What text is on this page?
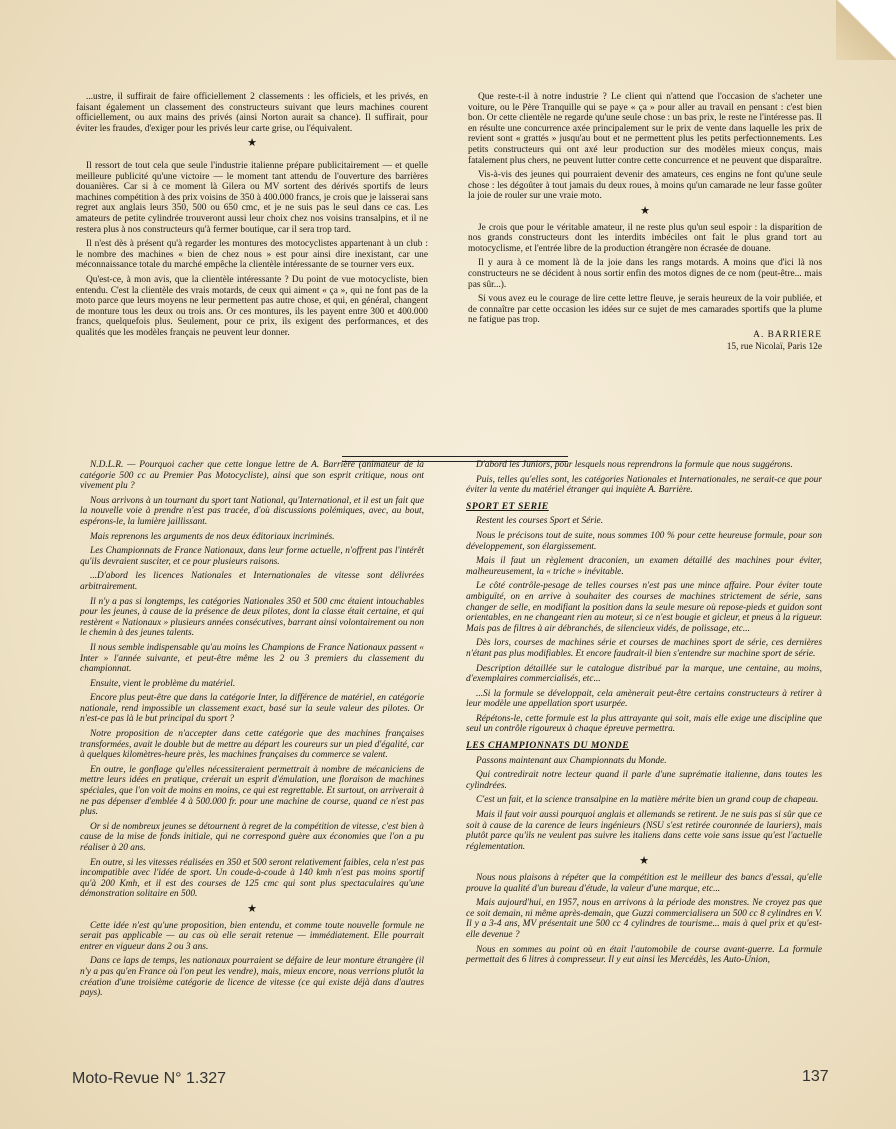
...ustre, il suffirait de faire officiellement 2 classements : les officiels, et les privés, en faisant également un classement des constructeurs suivant que leurs machines courent officiellement, ou aux mains des privés (ainsi Norton aurait sa chance). Il suffirait, pour éviter les fraudes, d'exiger pour les privés leur carte grise, ou l'équivalent.

★

Il ressort de tout cela que seule l'industrie italienne prépare publicitairement — et quelle meilleure publicité qu'une victoire — le moment tant attendu de l'ouverture des barrières douanières. Car si à ce moment là Gilera ou MV sortent des dérivés sportifs de leurs machines compétition à des prix voisins de 350 à 400.000 francs, je crois que je laisserai sans regret aux anglais leurs 350, 500 ou 650 cmc, et je ne suis pas le seul dans ce cas. Les amateurs de petite cylindrée trouveront aussi leur choix chez nos voisins transalpins, et il ne restera plus à nos constructeurs qu'à fermer boutique, car il sera trop tard.

Il n'est dès à présent qu'à regarder les montures des motocyclistes appartenant à un club : le nombre des machines « bien de chez nous » est pour ainsi dire inexistant, car une méconnaissance totale du marché empêche la clientèle intéressante de se tourner vers eux.

Qu'est-ce, à mon avis, que la clientèle intéressante ? Du point de vue motocycliste, bien entendu. C'est la clientèle des vrais motards, de ceux qui aiment « ça », qui ne font pas de la moto parce que leurs moyens ne leur permettent pas autre chose, et qui, en général, changent de monture tous les deux ou trois ans. Or ces montures, ils les payent entre 300 et 400.000 francs, quelquefois plus. Seulement, pour ce prix, ils exigent des performances, et des qualités que les modèles français ne peuvent leur donner.

Que reste-t-il à notre industrie ? Le client qui n'attend que l'occasion de s'acheter une voiture, ou le Père Tranquille qui se paye « ça » pour aller au travail en pensant : c'est bien bon. Or cette clientèle ne regarde qu'une seule chose : un bas prix, le reste ne l'intéresse pas. Il en résulte une concurrence axée principalement sur le prix de vente dans laquelle les prix de revient sont « grattés » jusqu'au bout et ne permettent plus les petits perfectionnements. Les petits constructeurs qui ont axé leur production sur des modèles mieux conçus, mais fatalement plus chers, ne peuvent lutter contre cette concurrence et ne peuvent que disparaître.

Vis-à-vis des jeunes qui pourraient devenir des amateurs, ces engins ne font qu'une seule chose : les dégoûter à tout jamais du deux roues, à moins qu'un camarade ne leur fasse goûter la joie de rouler sur une vraie moto.

★

Je crois que pour le véritable amateur, il ne reste plus qu'un seul espoir : la disparition de nos grands constructeurs dont les interdits imbéciles ont fait le plus grand tort au motocyclisme, et l'entrée libre de la production étrangère non écrasée de douane.

Il y aura à ce moment là de la joie dans les rangs motards. A moins que d'ici là nos constructeurs ne se décident à nous sortir enfin des motos dignes de ce nom (peut-être... mais pas sûr...).

Si vous avez eu le courage de lire cette lettre fleuve, je serais heureux de la voir publiée, et de connaître par cette occasion les idées sur ce sujet de mes camarades sportifs que la plume ne fatigue pas trop.

A. BARRIERE
15, rue Nicolaï, Paris 12e

N.D.L.R. — Pourquoi cacher que cette longue lettre de A. Barrière (animateur de la catégorie 500 cc au Premier Pas Motocycliste), ainsi que son esprit critique, nous ont vivement plu ?

Nous arrivons à un tournant du sport tant National, qu'International, et il est un fait que la nouvelle voie à prendre n'est pas tracée, d'où discussions polémiques, avec, au bout, espérons-le, la lumière jaillissant.

Mais reprenons les arguments de nos deux éditoriaux incriminés.

Les Championnats de France Nationaux, dans leur forme actuelle, n'offrent pas l'intérêt qu'ils devraient susciter, et ce pour plusieurs raisons.

...D'abord les licences Nationales et Internationales de vitesse sont délivrées arbitrairement.

Il n'y a pas si longtemps, les catégories Nationales 350 et 500 cmc étaient intouchables pour les jeunes, à cause de la présence de deux pilotes, dont la classe était certaine, et qui restèrent « Nationaux » plusieurs années consécutives, barrant ainsi volontairement ou non le chemin à des jeunes talents.

Il nous semble indispensable qu'au moins les Champions de France Nationaux passent « Inter » l'année suivante, et peut-être même les 2 ou 3 premiers du classement du championnat.

Ensuite, vient le problème du matériel.

Encore plus peut-être que dans la catégorie Inter, la différence de matériel, en catégorie nationale, rend impossible un classement exact, basé sur la seule valeur des pilotes. Or n'est-ce pas là le but principal du sport ?

Notre proposition de n'accepter dans cette catégorie que des machines françaises transformées, avait le double but de mettre au départ les coureurs sur un pied d'égalité, car à quelques kilomètres-heure près, les machines françaises du commerce se valent.

En outre, le gonflage qu'elles nécessiteraient permettrait à nombre de mécaniciens de mettre leurs idées en pratique, créerait un esprit d'émulation, une floraison de machines spéciales, que l'on voit de moins en moins, ce qui est regrettable. Et surtout, on arriverait à ne pas dépenser d'emblée 4 à 500.000 fr. pour une machine de course, quand ce n'est pas plus.

Or si de nombreux jeunes se détournent à regret de la compétition de vitesse, c'est bien à cause de la mise de fonds initiale, qui ne correspond guère aux économies que l'on a pu réaliser à 20 ans.

En outre, si les vitesses réalisées en 350 et 500 seront relativement faibles, cela n'est pas incompatible avec l'idée de sport. Un coude-à-coude à 140 kmh n'est pas moins sportif qu'à 200 Kmh, et il est des courses de 125 cmc qui sont plus spectaculaires qu'une démonstration solitaire en 500.

★

Cette idée n'est qu'une proposition, bien entendu, et comme toute nouvelle formule ne serait pas applicable — au cas où elle serait retenue — immédiatement. Elle pourrait entrer en vigueur dans 2 ou 3 ans.

Dans ce laps de temps, les nationaux pourraient se défaire de leur monture étrangère (il n'y a pas qu'en France où l'on peut les vendre), mais, mieux encore, nous verrions plutôt la création d'une troisième catégorie de licence de vitesse (ce qui existe déjà dans d'autres pays).

D'abord les Juniors, pour lesquels nous reprendrons la formule que nous suggérons.

Puis, telles qu'elles sont, les catégories Nationales et Internationales, ne serait-ce que pour éviter la vente du matériel étranger qui inquiète A. Barrière.

SPORT ET SERIE

Restent les courses Sport et Série.

Nous le précisons tout de suite, nous sommes 100 % pour cette heureuse formule, pour son développement, son élargissement.

Mais il faut un règlement draconien, un examen détaillé des machines pour éviter, malheureusement, la « triche » inévitable.

Le côté contrôle-pesage de telles courses n'est pas une mince affaire. Pour éviter toute ambiguïté, on en arrive à souhaiter des courses de machines strictement de série, sans changer de selle, en modifiant la position dans la seule mesure où repose-pieds et guidon sont orientables, en ne changeant rien au moteur, si ce n'est bougie et gicleur, et pneus à la rigueur. Mais pas de filtres à air débranchés, de silencieux vidés, de polissage, etc...

Dès lors, courses de machines série et courses de machines sport de série, ces dernières n'étant pas plus modifiables. Et encore faudrait-il bien s'entendre sur machine sport de série.

Description détaillée sur le catalogue distribué par la marque, une centaine, au moins, d'exemplaires commercialisés, etc...

...Si la formule se développait, cela amènerait peut-être certains constructeurs à retirer à leur modèle une appellation sport usurpée.

Répétons-le, cette formule est la plus attrayante qui soit, mais elle exige une discipline que seul un contrôle rigoureux à chaque épreuve permettra.

LES CHAMPIONNATS DU MONDE

Passons maintenant aux Championnats du Monde.

Qui contredirait notre lecteur quand il parle d'une suprématie italienne, dans toutes les cylindrées.

C'est un fait, et la science transalpine en la matière mérite bien un grand coup de chapeau.

Mais il faut voir aussi pourquoi anglais et allemands se retirent. Je ne suis pas si sûr que ce soit à cause de la carence de leurs ingénieurs (NSU s'est retirée couronnée de lauriers), mais plutôt parce qu'ils ne veulent pas suivre les italiens dans cette voie sans issue qu'est l'actuelle réglementation.

★

Nous nous plaisons à répéter que la compétition est le meilleur des bancs d'essai, qu'elle prouve la qualité d'un bureau d'étude, la valeur d'une marque, etc...

Mais aujourd'hui, en 1957, nous en arrivons à la période des monstres. Ne croyez pas que ce soit demain, ni même après-demain, que Guzzi commercialisera un 500 cc 8 cylindres en V. Il y a 3-4 ans, MV présentait une 500 cc 4 cylindres de tourisme... mais à quel prix et qu'est-elle devenue ?

Nous en sommes au point où en était l'automobile de course avant-guerre. La formule permettait des 6 litres à compresseur. Il y eut ainsi les Mercédès, les Auto-Union,

Moto-Revue N° 1.327	137
